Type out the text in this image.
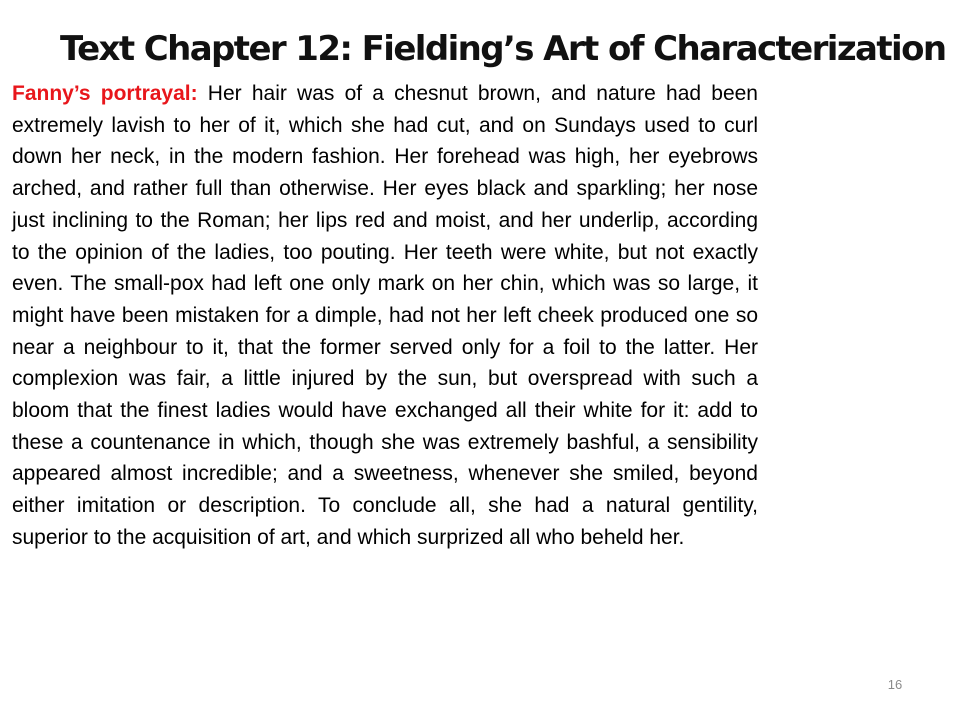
Text Chapter 12: Fielding’s Art of Characterization

Fanny’s portrayal: Her hair was of a chesnut brown, and nature had been extremely lavish to her of it, which she had cut, and on Sundays used to curl down her neck, in the modern fashion. Her forehead was high, her eyebrows arched, and rather full than otherwise. Her eyes black and sparkling; her nose just inclining to the Roman; her lips red and moist, and her underlip, according to the opinion of the ladies, too pouting. Her teeth were white, but not exactly even. The small-pox had left one only mark on her chin, which was so large, it might have been mistaken for a dimple, had not her left cheek produced one so near a neighbour to it, that the former served only for a foil to the latter. Her complexion was fair, a little injured by the sun, but overspread with such a bloom that the finest ladies would have exchanged all their white for it: add to these a countenance in which, though she was extremely bashful, a sensibility appeared almost incredible; and a sweetness, whenever she smiled, beyond either imitation or description. To conclude all, she had a natural gentility, superior to the acquisition of art, and which surprized all who beheld her.

16
